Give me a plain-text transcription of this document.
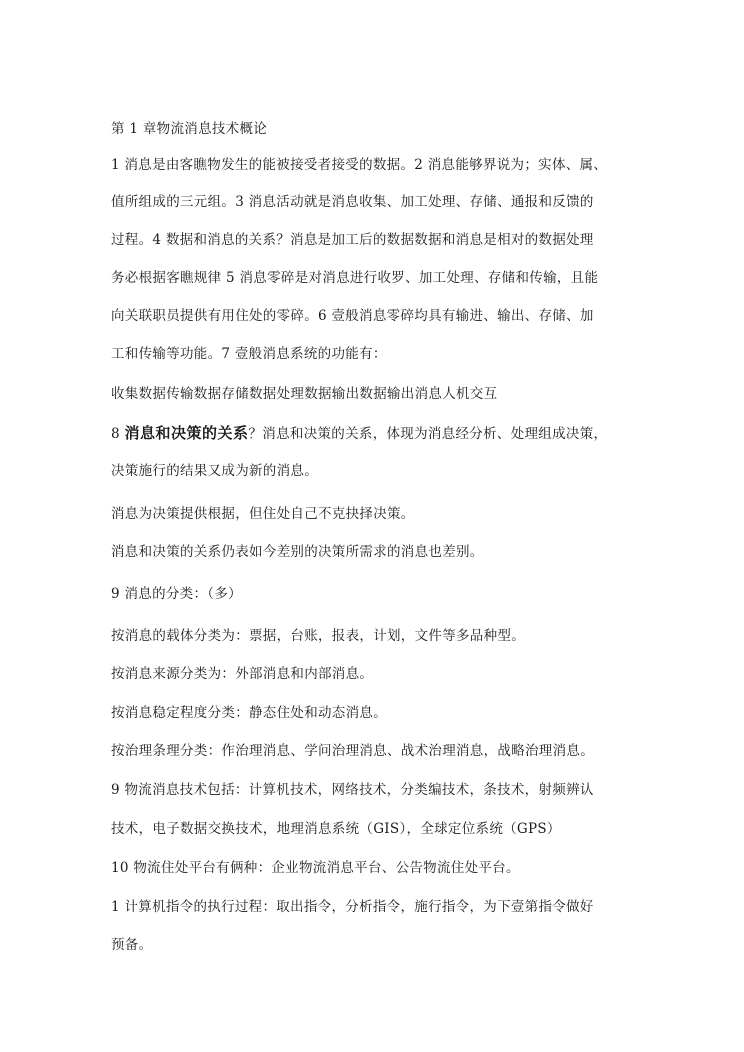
第 1 章物流消息技术概论
1 消息是由客瞧物发生的能被接受者接受的数据。2 消息能够界说为；实体、属、
值所组成的三元组。3 消息活动就是消息收集、加工处理、存储、通报和反馈的
过程。4 数据和消息的关系？消息是加工后的数据数据和消息是相对的数据处理
务必根据客瞧规律 5 消息零碎是对消息进行收罗、加工处理、存储和传输，且能
向关联职员提供有用住处的零碎。6 壹般消息零碎均具有输进、输出、存储、加
工和传输等功能。7 壹般消息系统的功能有：
收集数据传输数据存储数据处理数据输出数据输出消息人机交互
8 消息和决策的关系？消息和决策的关系，体现为消息经分析、处理组成决策，
决策施行的结果又成为新的消息。
消息为决策提供根据，但住处自己不克抉择决策。
消息和决策的关系仍表如今差别的决策所需求的消息也差别。
9 消息的分类：（多）
按消息的载体分类为：票据，台账，报表，计划，文件等多品种型。
按消息来源分类为：外部消息和内部消息。
按消息稳定程度分类：静态住处和动态消息。
按治理条理分类：作治理消息、学问治理消息、战术治理消息，战略治理消息。
9 物流消息技术包括：计算机技术，网络技术，分类编技术，条技术，射频辨认
技术，电子数据交换技术，地理消息系统（GIS），全球定位系统（GPS）
10 物流住处平台有俩种：企业物流消息平台、公告物流住处平台。
1 计算机指令的执行过程：取出指令，分析指令，施行指令，为下壹第指令做好
预备。
